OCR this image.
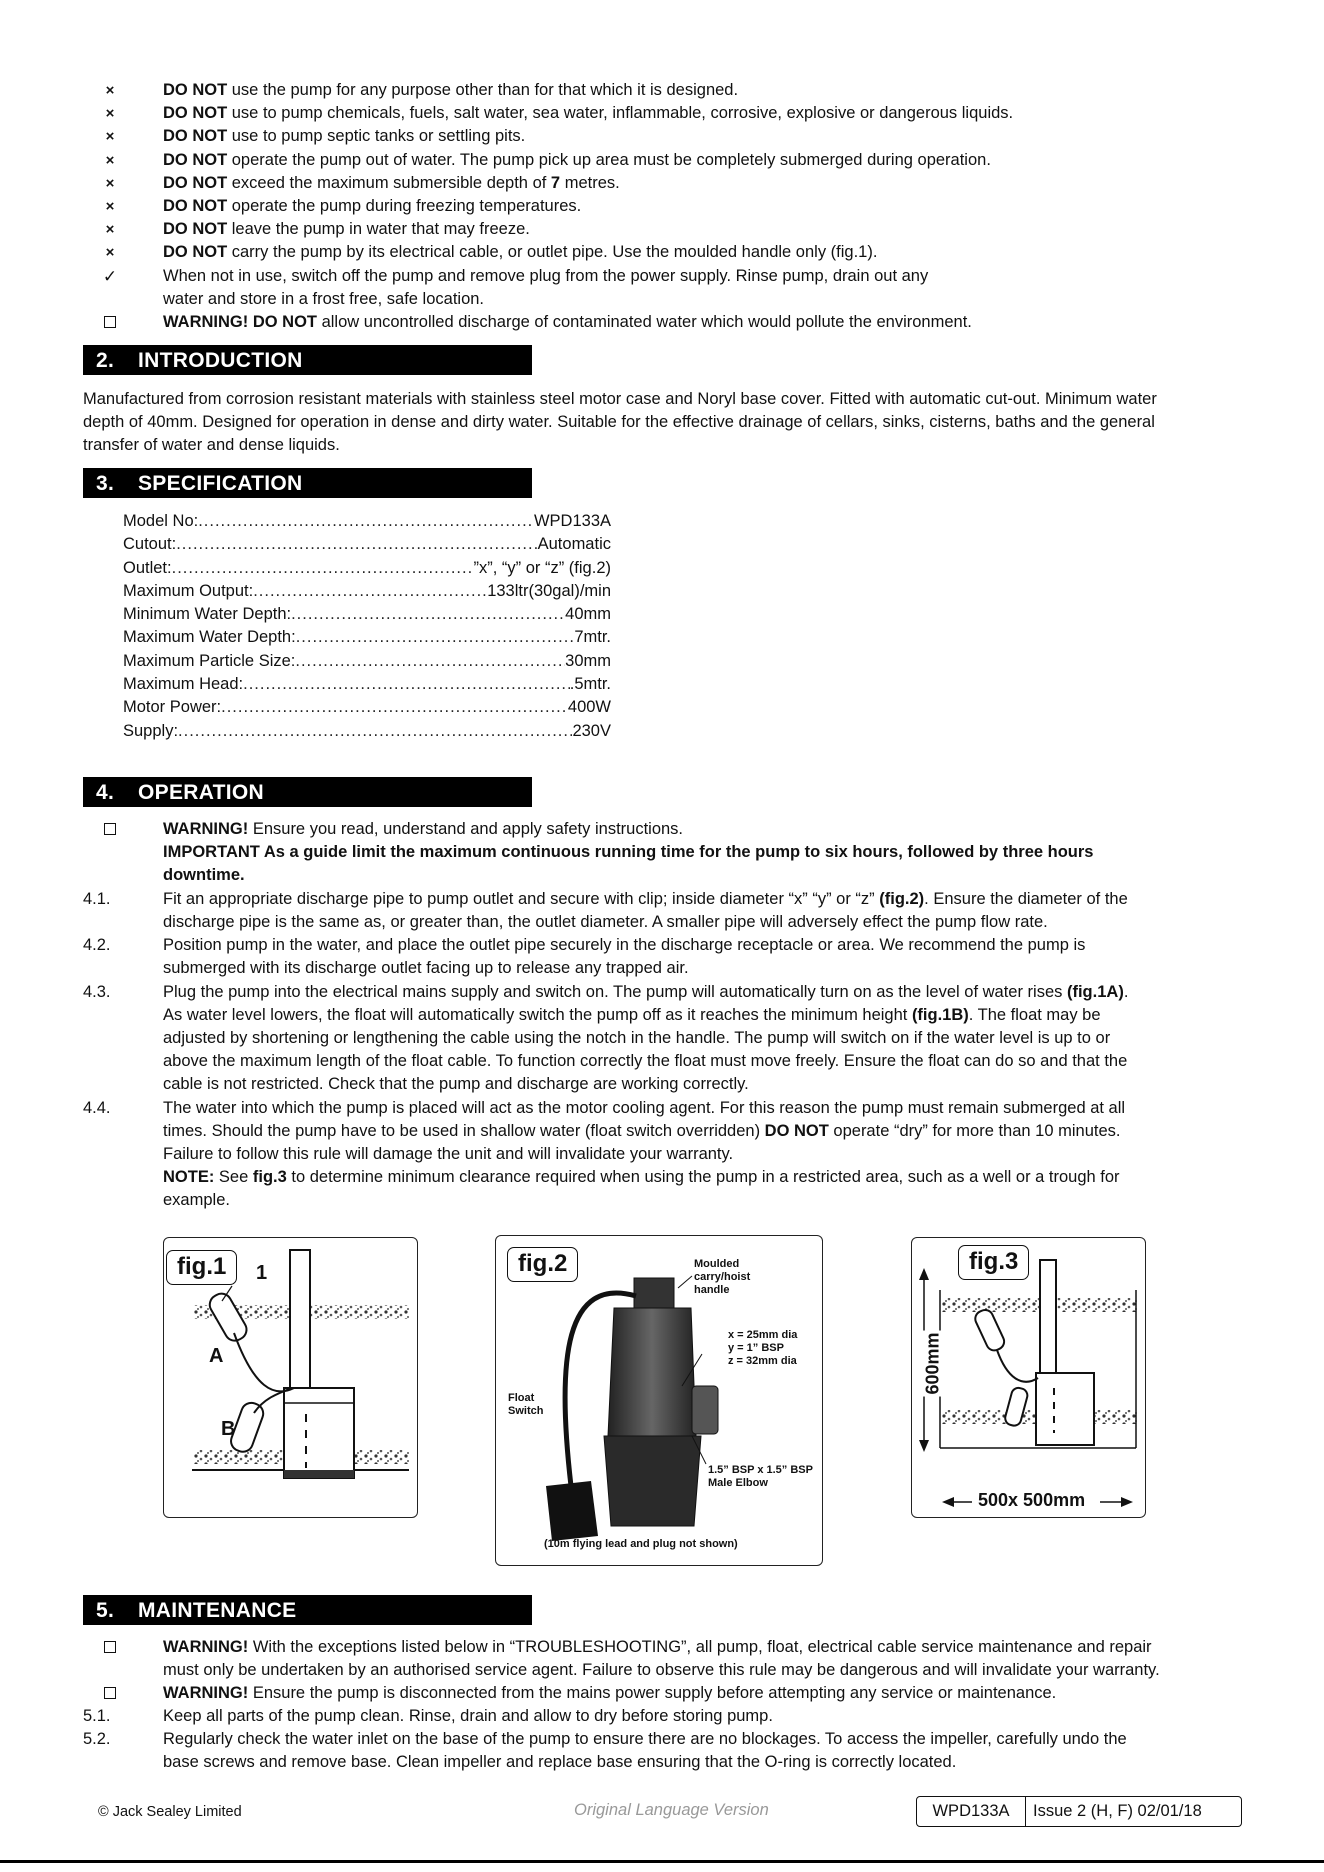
×	DO NOT use the pump for any purpose other than for that which it is designed.
×	DO NOT use to pump chemicals, fuels, salt water, sea water, inflammable, corrosive, explosive or dangerous liquids.
×	DO NOT use to pump septic tanks or settling pits.
×	DO NOT operate the pump out of water. The pump pick up area must be completely submerged during operation.
×	DO NOT exceed the maximum submersible depth of 7 metres.
×	DO NOT operate the pump during freezing temperatures.
×	DO NOT leave the pump in water that may freeze.
×	DO NOT carry the pump by its electrical cable, or outlet pipe. Use the moulded handle only (fig.1).
✓	When not in use, switch off the pump and remove plug from the power supply. Rinse pump, drain out any
water and store in a frost free, safe location.
WARNING! DO NOT allow uncontrolled discharge of contaminated water which would pollute the environment.
2. INTRODUCTION
Manufactured from corrosion resistant materials with stainless steel motor case and Noryl base cover. Fitted with automatic cut-out. Minimum water
depth of 40mm. Designed for operation in dense and dirty water. Suitable for the effective drainage of cellars, sinks, cisterns, baths and the general
transfer of water and dense liquids.
3. SPECIFICATION
Model No: .....	WPD133A
Cutout: .....	Automatic
Outlet: .....	”x”, “y” or “z” (fig.2)
Maximum Output: .....	133ltr(30gal)/min
Minimum Water Depth: .....	40mm
Maximum Water Depth: .....	7mtr.
Maximum Particle Size: .....	30mm
Maximum Head: .....	.5mtr.
Motor Power: .....	400W
Supply: .....	230V
4. OPERATION
WARNING! Ensure you read, understand and apply safety instructions.
IMPORTANT As a guide limit the maximum continuous running time for the pump to six hours, followed by three hours
downtime.
4.1.	Fit an appropriate discharge pipe to pump outlet and secure with clip; inside diameter “x” “y” or “z” (fig.2). Ensure the diameter of the
discharge pipe is the same as, or greater than, the outlet diameter. A smaller pipe will adversely effect the pump flow rate.
4.2.	Position pump in the water, and place the outlet pipe securely in the discharge receptacle or area. We recommend the pump is
submerged with its discharge outlet facing up to release any trapped air.
4.3.	Plug the pump into the electrical mains supply and switch on. The pump will automatically turn on as the level of water rises (fig.1A).
As water level lowers, the float will automatically switch the pump off as it reaches the minimum height (fig.1B). The float may be
adjusted by shortening or lengthening the cable using the notch in the handle. The pump will switch on if the water level is up to or
above the maximum length of the float cable. To function correctly the float must move freely. Ensure the float can do so and that the
cable is not restricted. Check that the pump and discharge are working correctly.
4.4.	The water into which the pump is placed will act as the motor cooling agent. For this reason the pump must remain submerged at all
times. Should the pump have to be used in shallow water (float switch overridden) DO NOT operate “dry” for more than 10 minutes.
Failure to follow this rule will damage the unit and will invalidate your warranty.
NOTE: See fig.3 to determine minimum clearance required when using the pump in a restricted area, such as a well or a trough for
example.
fig.1	1
A
B
fig.2	Moulded
carry/hoist
handle
x = 25mm dia
y = 1” BSP
z = 32mm dia
Float
Switch
1.5” BSP x 1.5” BSP
Male Elbow
(10m flying lead and plug not shown)
fig.3
600mm
500x 500mm
5. MAINTENANCE
WARNING! With the exceptions listed below in “TROUBLESHOOTING”, all pump, float, electrical cable service maintenance and repair
must only be undertaken by an authorised service agent. Failure to observe this rule may be dangerous and will invalidate your warranty.
WARNING! Ensure the pump is disconnected from the mains power supply before attempting any service or maintenance.
5.1.	Keep all parts of the pump clean. Rinse, drain and allow to dry before storing pump.
5.2.	Regularly check the water inlet on the base of the pump to ensure there are no blockages. To access the impeller, carefully undo the
base screws and remove base. Clean impeller and replace base ensuring that the O-ring is correctly located.
© Jack Sealey Limited	Original Language Version	WPD133A	Issue 2 (H, F) 02/01/18
